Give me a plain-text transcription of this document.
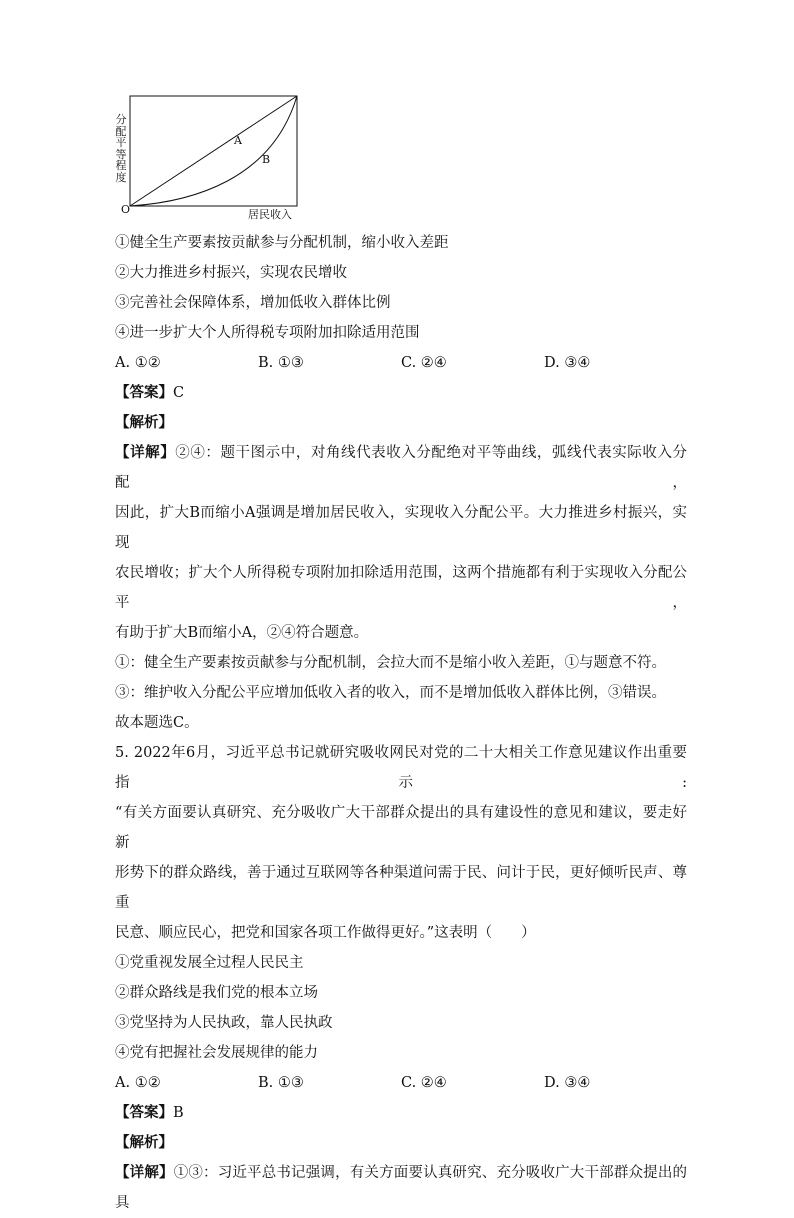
分
配
平
等
程
度
O	居民收入
A
B
①健全生产要素按贡献参与分配机制，缩小收入差距
②大力推进乡村振兴，实现农民增收
③完善社会保障体系，增加低收入群体比例
④进一步扩大个人所得税专项附加扣除适用范围
A. ①②	B. ①③	C. ②④	D. ③④
【答案】C
【解析】
【详解】②④：题干图示中，对角线代表收入分配绝对平等曲线，弧线代表实际收入分配，
因此，扩大B而缩小A强调是增加居民收入，实现收入分配公平。大力推进乡村振兴，实现
农民增收；扩大个人所得税专项附加扣除适用范围，这两个措施都有利于实现收入分配公平，
有助于扩大B而缩小A，②④符合题意。
①：健全生产要素按贡献参与分配机制，会拉大而不是缩小收入差距，①与题意不符。
③：维护收入分配公平应增加低收入者的收入，而不是增加低收入群体比例，③错误。
故本题选C。
5. 2022年6月，习近平总书记就研究吸收网民对党的二十大相关工作意见建议作出重要指示:
“有关方面要认真研究、充分吸收广大干部群众提出的具有建设性的意见和建议，要走好新
形势下的群众路线，善于通过互联网等各种渠道问需于民、问计于民，更好倾听民声、尊重
民意、顺应民心，把党和国家各项工作做得更好。”这表明（　　）
①党重视发展全过程人民民主
②群众路线是我们党的根本立场
③党坚持为人民执政，靠人民执政
④党有把握社会发展规律的能力
A. ①②	B. ①③	C. ②④	D. ③④
【答案】B
【解析】
【详解】①③：习近平总书记强调，有关方面要认真研究、充分吸收广大干部群众提出的具
